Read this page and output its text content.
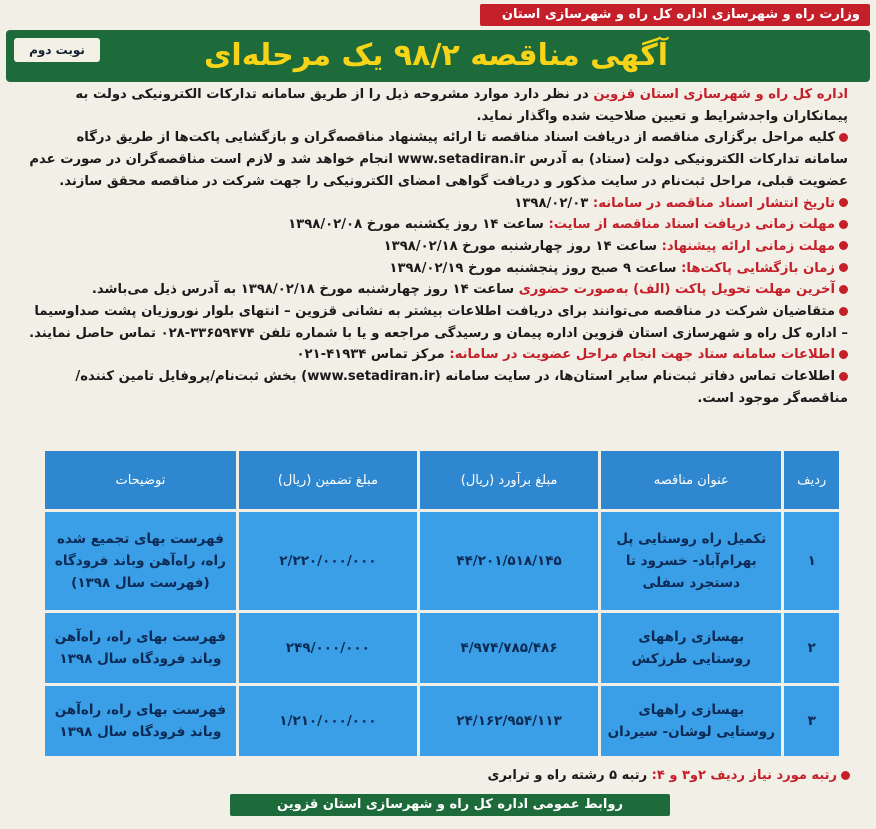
وزارت راه و شهرسازی اداره کل راه و شهرسازی استان
نوبت دوم	آگهی مناقصه ۹۸/۲ یک مرحله‌ای

اداره کل راه و شهرسازی استان قزوین در نظر دارد موارد مشروحه ذیل را از طریق سامانه تدارکات الکترونیکی دولت به پیمانکاران واجدشرایط و تعیین صلاحیت شده واگذار نماید.

کلیه مراحل برگزاری مناقصه از دریافت اسناد مناقصه تا ارائه پیشنهاد مناقصه‌گران و بازگشایی پاکت‌ها از طریق درگاه سامانه تدارکات الکترونیکی دولت (ستاد) به آدرس www.setadiran.ir انجام خواهد شد و لازم است مناقصه‌گران در صورت عدم عضویت قبلی، مراحل ثبت‌نام در سایت مذکور و دریافت گواهی امضای الکترونیکی را جهت شرکت در مناقصه محقق سازند.

تاریخ انتشار اسناد مناقصه در سامانه: ۱۳۹۸/۰۲/۰۳

مهلت زمانی دریافت اسناد مناقصه از سایت: ساعت ۱۴ روز یکشنبه مورخ ۱۳۹۸/۰۲/۰۸

مهلت زمانی ارائه پیشنهاد: ساعت ۱۴ روز چهارشنبه مورخ ۱۳۹۸/۰۲/۱۸

زمان بازگشایی پاکت‌ها: ساعت ۹ صبح روز پنجشنبه مورخ ۱۳۹۸/۰۲/۱۹

آخرین مهلت تحویل پاکت (الف) به‌صورت حضوری ساعت ۱۴ روز چهارشنبه مورخ ۱۳۹۸/۰۲/۱۸ به آدرس ذیل می‌باشد.

متقاضیان شرکت در مناقصه می‌توانند برای دریافت اطلاعات بیشتر به نشانی قزوین – انتهای بلوار نوروزیان پشت صداوسیما – اداره کل راه و شهرسازی استان قزوین اداره پیمان و رسیدگی مراجعه و یا با شماره تلفن ۳۳۶۵۹۴۷۴-۰۲۸ تماس حاصل نمایند.

اطلاعات سامانه ستاد جهت انجام مراحل عضویت در سامانه: مرکز تماس ۴۱۹۳۴-۰۲۱

اطلاعات تماس دفاتر ثبت‌نام سایر استان‌ها، در سایت سامانه (www.setadiran.ir) بخش ثبت‌نام/پروفایل تامین کننده/مناقصه‌گر موجود است.

ردیف	عنوان مناقصه	مبلغ برآورد (ریال)	مبلغ تضمین (ریال)	توضیحات
۱	تکمیل راه روستایی پل بهرام‌آباد- خسرود تا دستجرد سفلی	۴۴/۲۰۱/۵۱۸/۱۴۵	۲/۲۲۰/۰۰۰/۰۰۰	فهرست بهای تجمیع شده راه، راه‌آهن وباند فرودگاه (فهرست سال ۱۳۹۸)
۲	بهسازی راههای روستایی طرزکش	۴/۹۷۴/۷۸۵/۴۸۶	۲۴۹/۰۰۰/۰۰۰	فهرست بهای راه، راه‌آهن وباند فرودگاه سال ۱۳۹۸
۳	بهسازی راههای روستایی لوشان- سیردان	۲۴/۱۶۲/۹۵۴/۱۱۳	۱/۲۱۰/۰۰۰/۰۰۰	فهرست بهای راه، راه‌آهن وباند فرودگاه سال ۱۳۹۸
رتبه مورد نیاز ردیف ۲و۳ و ۴: رتبه ۵ رشته راه و ترابری
روابط عمومی اداره کل راه و شهرسازی استان قزوین
